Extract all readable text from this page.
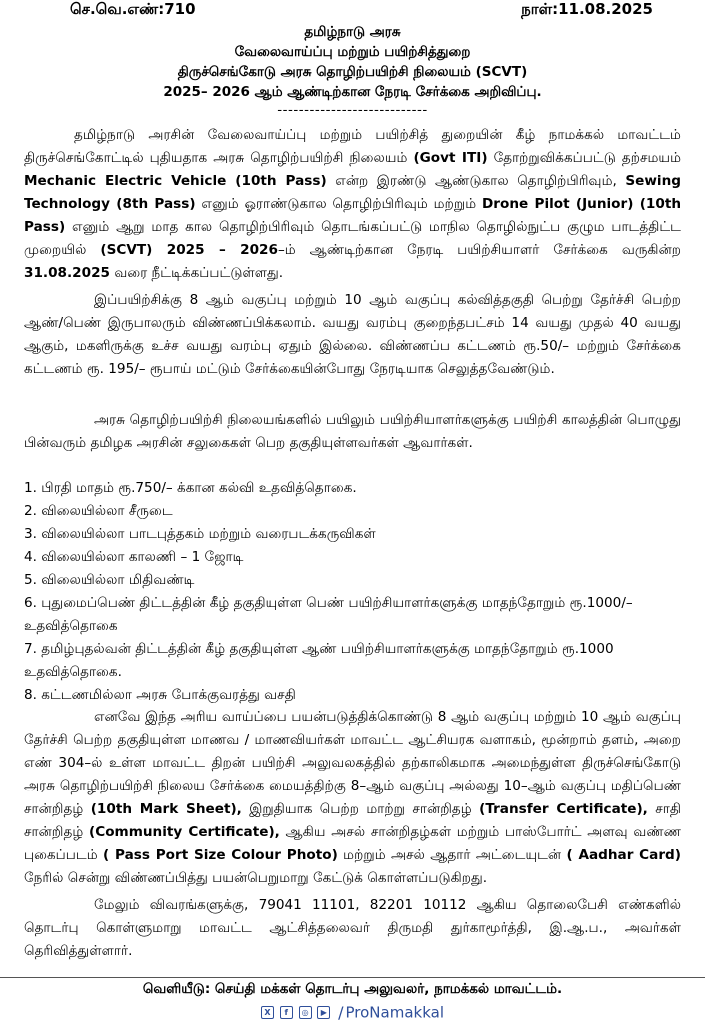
செ.வெ.எண்:710	நாள்:11.08.2025
தமிழ்நாடு அரசு
வேலைவாய்ப்பு மற்றும் பயிற்சித்துறை
திருச்செங்கோடு அரசு தொழிற்பயிற்சி நிலையம் (SCVT)
2025– 2026 ஆம் ஆண்டிற்கான நேரடி சேர்க்கை அறிவிப்பு.
----------------------------
தமிழ்நாடு அரசின் வேலைவாய்ப்பு மற்றும் பயிற்சித் துறையின் கீழ் நாமக்கல் மாவட்டம் திருச்செங்கோட்டில் புதியதாக அரசு தொழிற்பயிற்சி நிலையம் (Govt ITI) தோற்றுவிக்கப்பட்டு தற்சமயம் Mechanic Electric Vehicle (10th Pass) என்ற இரண்டு ஆண்டுகால தொழிற்பிரிவும், Sewing Technology (8th Pass) எனும் ஓராண்டுகால தொழிற்பிரிவும் மற்றும் Drone Pilot (Junior) (10th Pass) எனும் ஆறு மாத கால தொழிற்பிரிவும் தொடங்கப்பட்டு மாநில தொழில்நுட்ப குழும பாடத்திட்ட முறையில் (SCVT) 2025 – 2026–ம் ஆண்டிற்கான நேரடி பயிற்சியாளர் சேர்க்கை வருகின்ற 31.08.2025 வரை நீட்டிக்கப்பட்டுள்ளது.
இப்பயிற்சிக்கு 8 ஆம் வகுப்பு மற்றும் 10 ஆம் வகுப்பு கல்வித்தகுதி பெற்று தேர்ச்சி பெற்ற ஆண்/பெண் இருபாலரும் விண்ணப்பிக்கலாம். வயது வரம்பு குறைந்தபட்சம் 14 வயது முதல் 40 வயது ஆகும், மகளிருக்கு உச்ச வயது வரம்பு ஏதும் இல்லை. விண்ணப்ப கட்டணம் ரூ.50/– மற்றும் சேர்க்கை கட்டணம் ரூ. 195/– ரூபாய் மட்டும் சேர்க்கையின்போது நேரடியாக செலுத்தவேண்டும்.
அரசு தொழிற்பயிற்சி நிலையங்களில் பயிலும் பயிற்சியாளர்களுக்கு பயிற்சி காலத்தின் பொழுது பின்வரும் தமிழக அரசின் சலுகைகள் பெற தகுதியுள்ளவர்கள் ஆவார்கள்.
1. பிரதி மாதம் ரூ.750/– க்கான கல்வி உதவித்தொகை.
2. விலையில்லா சீருடை
3. விலையில்லா பாடபுத்தகம் மற்றும் வரைபடக்கருவிகள்
4. விலையில்லா காலணி – 1 ஜோடி
5. விலையில்லா மிதிவண்டி
6. புதுமைப்பெண் திட்டத்தின் கீழ் தகுதியுள்ள பெண் பயிற்சியாளர்களுக்கு மாதந்தோறும் ரூ.1000/– உதவித்தொகை
7. தமிழ்புதல்வன் திட்டத்தின் கீழ் தகுதியுள்ள ஆண் பயிற்சியாளர்களுக்கு மாதந்தோறும் ரூ.1000 உதவித்தொகை.
8. கட்டணமில்லா அரசு போக்குவரத்து வசதி
எனவே இந்த அரிய வாய்ப்பை பயன்படுத்திக்கொண்டு 8 ஆம் வகுப்பு மற்றும் 10 ஆம் வகுப்பு தேர்ச்சி பெற்ற தகுதியுள்ள மாணவ / மாணவியர்கள் மாவட்ட ஆட்சியரக வளாகம், மூன்றாம் தளம், அறை எண் 304–ல் உள்ள மாவட்ட திறன் பயிற்சி அலுவலகத்தில் தற்காலிகமாக அமைந்துள்ள திருச்செங்கோடு அரசு தொழிற்பயிற்சி நிலைய சேர்க்கை மையத்திற்கு 8–ஆம் வகுப்பு அல்லது 10–ஆம் வகுப்பு மதிப்பெண் சான்றிதழ் (10th Mark Sheet), இறுதியாக பெற்ற மாற்று சான்றிதழ் (Transfer Certificate), சாதி சான்றிதழ் (Community Certificate), ஆகிய அசல் சான்றிதழ்கள் மற்றும் பாஸ்போர்ட் அளவு வண்ண புகைப்படம் ( Pass Port Size Colour Photo) மற்றும் அசல் ஆதார் அட்டையுடன் ( Aadhar Card) நேரில் சென்று விண்ணப்பித்து பயன்பெறுமாறு கேட்டுக் கொள்ளப்படுகிறது.
மேலும் விவரங்களுக்கு, 79041 11101, 82201 10112 ஆகிய தொலைபேசி எண்களில் தொடர்பு கொள்ளுமாறு மாவட்ட ஆட்சித்தலைவர் திருமதி துர்காமூர்த்தி, இ.ஆ.ப., அவர்கள் தெரிவித்துள்ளார்.
வெளியீடு: செய்தி மக்கள் தொடர்பு அலுவலர், நாமக்கல் மாவட்டம்.
X f ◎ ▶ / ProNamakkal
